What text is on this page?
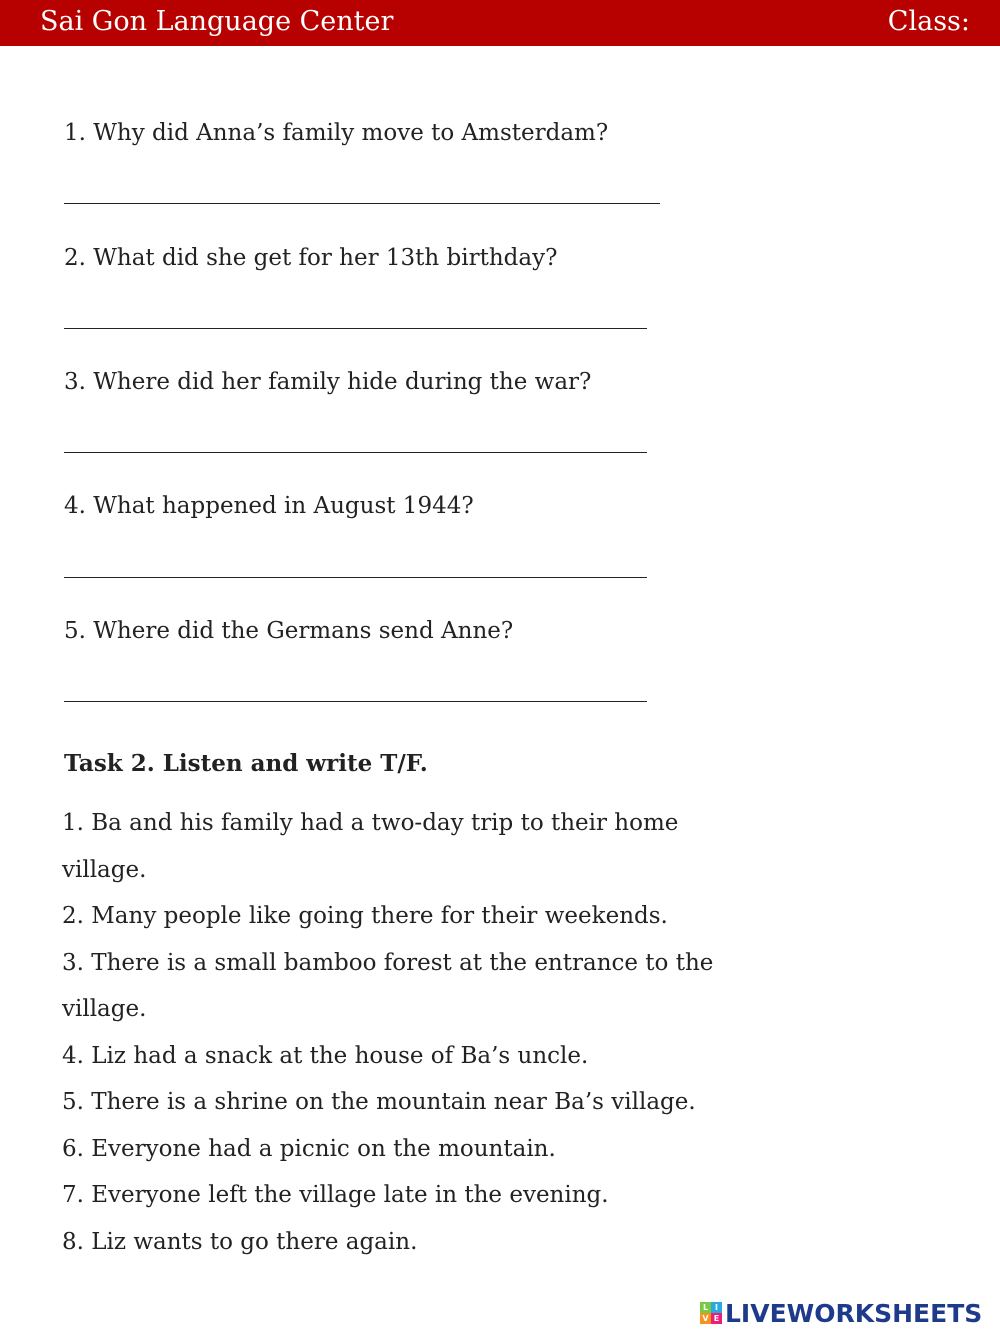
Sai Gon Language Center	Class:
1. Why did Anna’s family move to Amsterdam?
2. What did she get for her 13th birthday?
3. Where did her family hide during the war?
4. What happened in August 1944?
5. Where did the Germans send Anne?
Task 2. Listen and write T/F.
1. Ba and his family had a two-day trip to their home
village.
2. Many people like going there for their weekends.
3. There is a small bamboo forest at the entrance to the
village.
4. Liz had a snack at the house of Ba’s uncle.
5. There is a shrine on the mountain near Ba’s village.
6. Everyone had a picnic on the mountain.
7. Everyone left the village late in the evening.
8. Liz wants to go there again.
L I
V E LIVEWORKSHEETS
